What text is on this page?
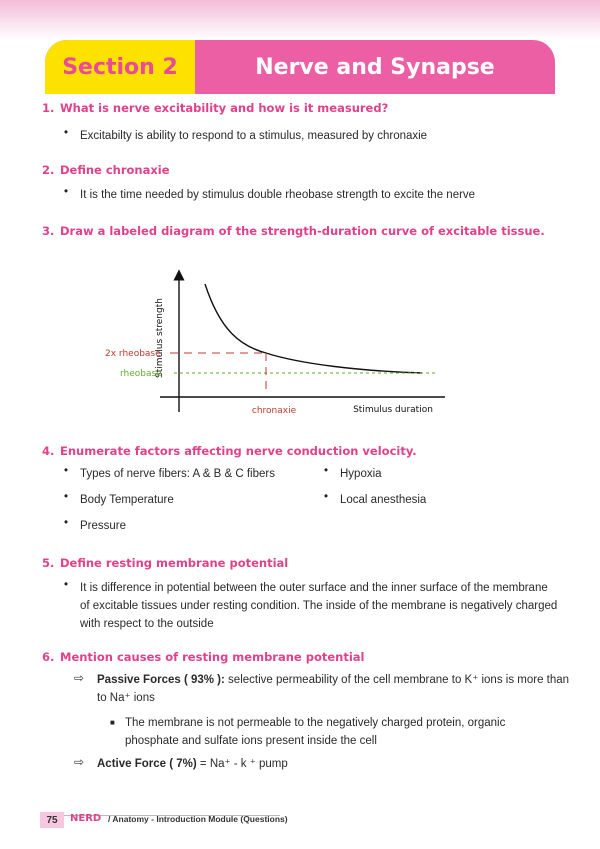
Section 2	Nerve and Synapse
1. What is nerve excitability and how is it measured?
• Excitabilty is ability to respond to a stimulus, measured by chronaxie
2. Define chronaxie
• It is the time needed by stimulus double rheobase strength to excite the nerve
3. Draw a labeled diagram of the strength-duration curve of excitable tissue.
Stimulus strength
Stimulus duration
2x rheobase
rheobase
chronaxie
4. Enumerate factors affecting nerve conduction velocity.
• Types of nerve fibers: A & B & C fibers
• Body Temperature
• Pressure
• Hypoxia
• Local anesthesia
5. Define resting membrane potential
• It is difference in potential between the outer surface and the inner surface of the membrane
of excitable tissues under resting condition. The inside of the membrane is negatively charged
with respect to the outside
6. Mention causes of resting membrane potential
⇨ Passive Forces ( 93% ): selective permeability of the cell membrane to K⁺ ions is more than
to Na⁺ ions
■ The membrane is not permeable to the negatively charged protein, organic
phosphate and sulfate ions present inside the cell
⇨ Active Force ( 7%) = Na⁺ - k ⁺ pump
75	NERD / Anatomy - Introduction Module (Questions)
